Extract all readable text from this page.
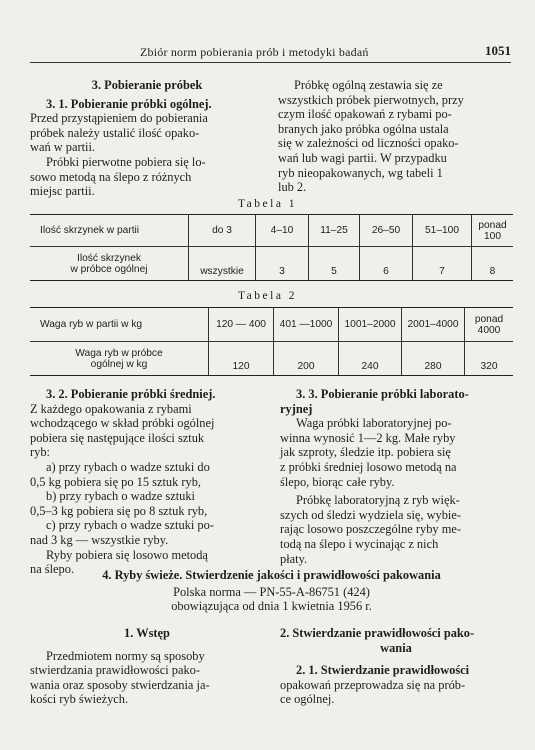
Zbiór norm pobierania prób i metodyki badań	1051

3. Pobieranie próbek

3. 1. Pobieranie próbki ogólnej.

Przed przystąpieniem do pobierania

próbek należy ustalić ilość opako-

wań w partii.

Próbki pierwotne pobiera się lo-

sowo metodą na ślepo z różnych

miejsc partii.

Próbkę ogólną zestawia się ze

wszystkich próbek pierwotnych, przy

czym ilość opakowań z rybami po-

branych jako próbka ogólna ustala

się w zależności od liczności opako-

wań lub wagi partii. W przypadku

ryb nieopakowanych, wg tabeli 1

lub 2.

Tabela 1
Ilość skrzynek w partii	do 3	4–10	11–25	26–50	51–100	ponad
100

Ilość skrzynek
w próbce ogólnej	wszystkie	3	5	6	7	8
Tabela 2
Waga ryb w partii w kg	120 — 400	401 —1000	1001–2000	2001–4000	ponad
4000

Waga ryb w próbce
ogólnej w kg	120	200	240	280	320

3. 2. Pobieranie próbki średniej.

Z każdego opakowania z rybami

wchodzącego w skład próbki ogólnej

pobiera się następujące ilości sztuk

ryb:

a) przy rybach o wadze sztuki do

0,5 kg pobiera się po 15 sztuk ryb,

b) przy rybach o wadze sztuki

0,5–3 kg pobiera się po 8 sztuk ryb,

c) przy rybach o wadze sztuki po-

nad 3 kg — wszystkie ryby.

Ryby pobiera się losowo metodą

na ślepo.

3. 3. Pobieranie próbki laborato-

ryjnej

Waga próbki laboratoryjnej po-

winna wynosić 1—2 kg. Małe ryby

jak szproty, śledzie itp. pobiera się

z próbki średniej losowo metodą na

ślepo, biorąc całe ryby.

Próbkę laboratoryjną z ryb więk-

szych od śledzi wydziela się, wybie-

rając losowo poszczególne ryby me-

todą na ślepo i wycinając z nich

płaty.

4. Ryby świeże. Stwierdzenie jakości i prawidłowości pakowania

Polska norma — PN-55-A-86751 (424)

obowiązująca od dnia 1 kwietnia 1956 r.

1. Wstęp

Przedmiotem normy są sposoby

stwierdzania prawidłowości pako-

wania oraz sposoby stwierdzania ja-

kości ryb świeżych.

2. Stwierdzanie prawidłowości pako-

wania

2. 1. Stwierdzanie prawidłowości

opakowań przeprowadza się na prób-

ce ogólnej.
